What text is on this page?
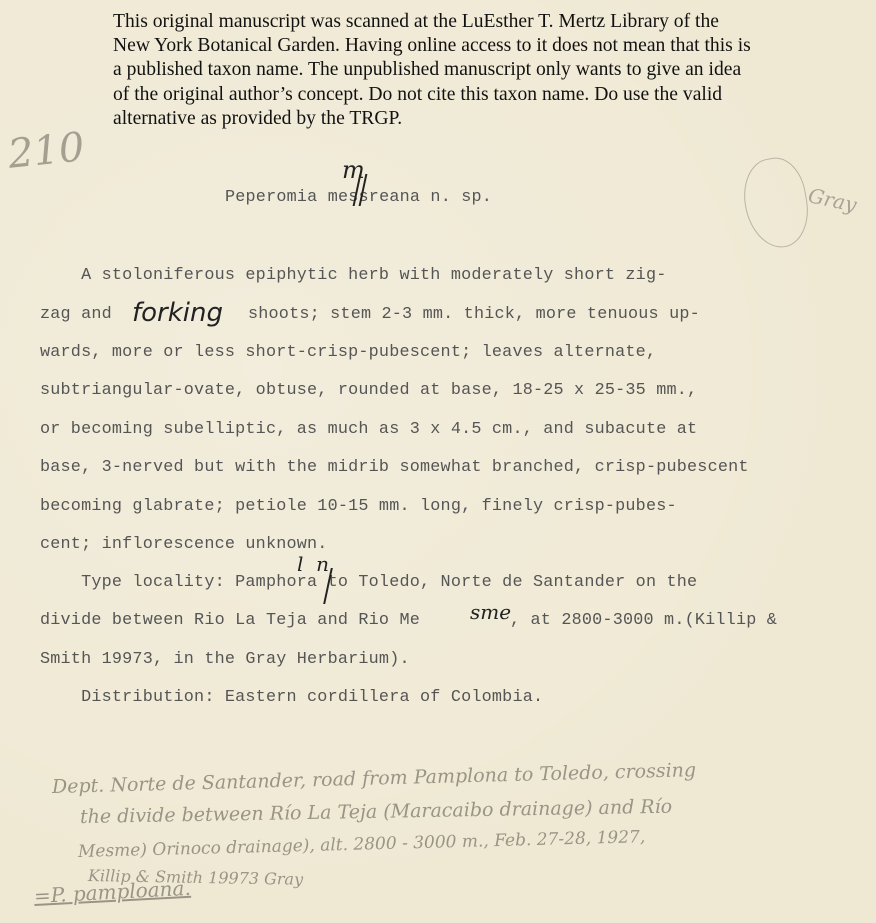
This original manuscript was scanned at the LuEsther T. Mertz Library of the New York Botanical Garden. Having online access to it does not mean that this is a published taxon name. The unpublished manuscript only wants to give an idea of the original author’s concept. Do not cite this taxon name. Do use the valid alternative as provided by the TRGP.
210
Gray
Peperomia messreana n. sp.
m
A stoloniferous epiphytic herb with moderately short zig-
zag and forking shoots; stem 2-3 mm. thick, more tenuous up-
wards, more or less short-crisp-pubescent; leaves alternate,
subtriangular-ovate, obtuse, rounded at base, 18-25 x 25-35 mm.,
or becoming subelliptic, as much as 3 x 4.5 cm., and subacute at
base, 3-nerved but with the midrib somewhat branched, crisp-pubescent
becoming glabrate; petiole 10-15 mm. long, finely crisp-pubes-
cent; inflorescence unknown.
l  n
Type locality: Pamphora to Toledo, Norte de Santander on the
divide between Rio La Teja and Rio Me sme
, at 2800-3000 m.(Killip &
Smith 19973, in the Gray Herbarium).
Distribution: Eastern cordillera of Colombia.
Dept. Norte de Santander, road from Pamplona to Toledo, crossing
the divide between Río La Teja (Maracaibo drainage) and Río
Mesme) Orinoco drainage), alt. 2800 - 3000 m., Feb. 27-28, 1927,
Killip & Smith 19973 Gray
=P. pamploana.
